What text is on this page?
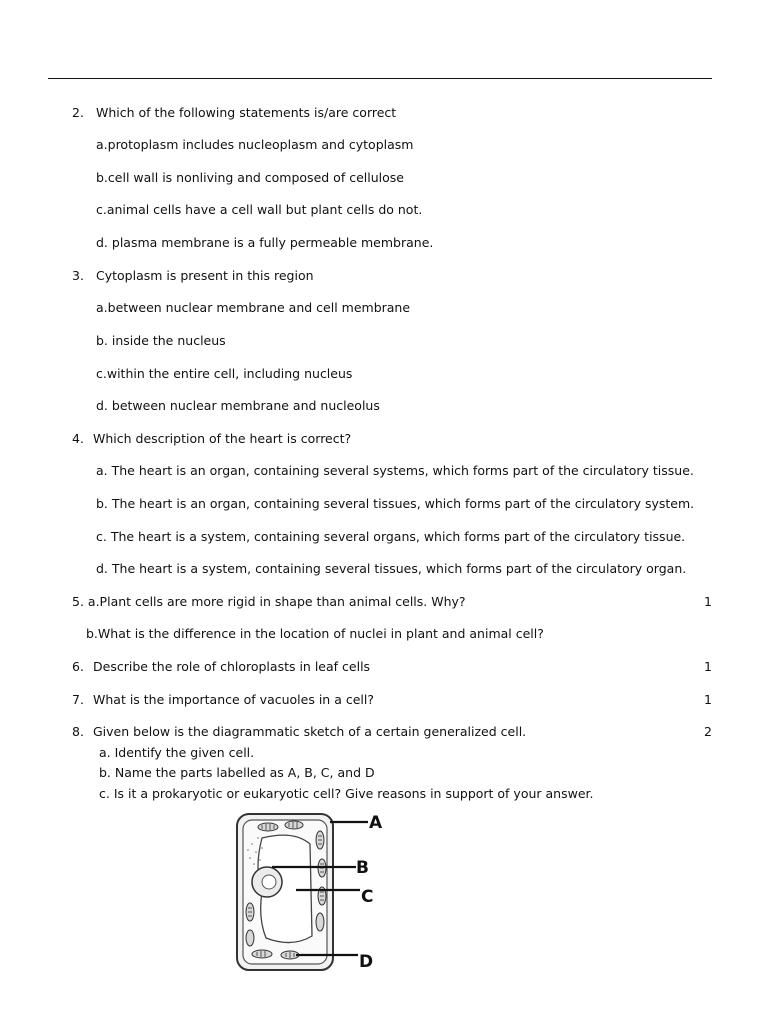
2. Which of the following statements is/are correct
a.protoplasm includes nucleoplasm and cytoplasm
b.cell wall is nonliving and composed of cellulose
c.animal cells have a cell wall but plant cells do not.
d. plasma membrane is a fully permeable membrane.
3. Cytoplasm is present in this region
a.between nuclear membrane and cell membrane
b. inside the nucleus
c.within the entire cell, including nucleus
d. between nuclear membrane and nucleolus
4. Which description of the heart is correct?
a. The heart is an organ, containing several systems, which forms part of the circulatory tissue.
b. The heart is an organ, containing several tissues, which forms part of the circulatory system.
c. The heart is a system, containing several organs, which forms part of the circulatory tissue.
d. The heart is a system, containing several tissues, which forms part of the circulatory organ.
5. a.Plant cells are more rigid in shape than animal cells. Why?	1
b.What is the difference in the location of nuclei in plant and animal cell?
6. Describe the role of chloroplasts in leaf cells	1
7. What is the importance of vacuoles in a cell?	1
8. Given below is the diagrammatic sketch of a certain generalized cell.	2
a. Identify the given cell.
b. Name the parts labelled as A, B, C, and D
c. Is it a prokaryotic or eukaryotic cell? Give reasons in support of your answer.
A
B
C
D
